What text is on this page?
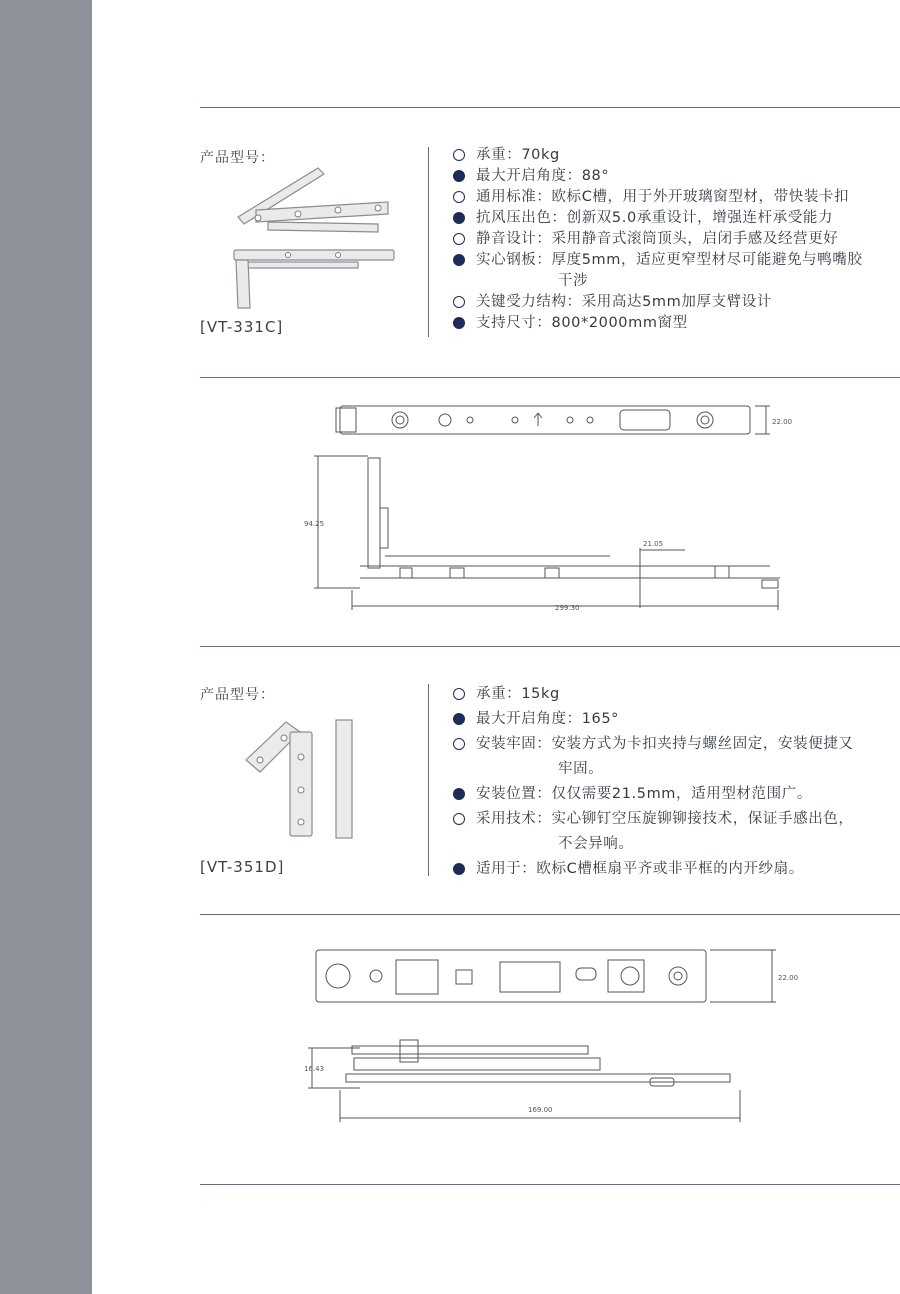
产品型号：
[VT-331C]
承重：70kg
最大开启角度：88°
通用标准：欧标C槽，用于外开玻璃窗型材，带快装卡扣
抗风压出色：创新双5.0承重设计，增强连杆承受能力
静音设计：采用静音式滚筒顶头，启闭手感及经营更好
实心钢板：厚度5mm，适应更窄型材尽可能避免与鸭嘴胶
干涉
关键受力结构：采用高达5mm加厚支臂设计
支持尺寸：800*2000mm窗型
22.00
94.25
21.05
299.30
产品型号：
[VT-351D]
承重：15kg
最大开启角度：165°
安装牢固：安装方式为卡扣夹持与螺丝固定，安装便捷又
牢固。
安装位置：仅仅需要21.5mm，适用型材范围广。
采用技术：实心铆钉空压旋铆铆接技术，保证手感出色，
不会异响。
适用于：欧标C槽框扇平齐或非平框的内开纱扇。
22.00
16.43
169.00
